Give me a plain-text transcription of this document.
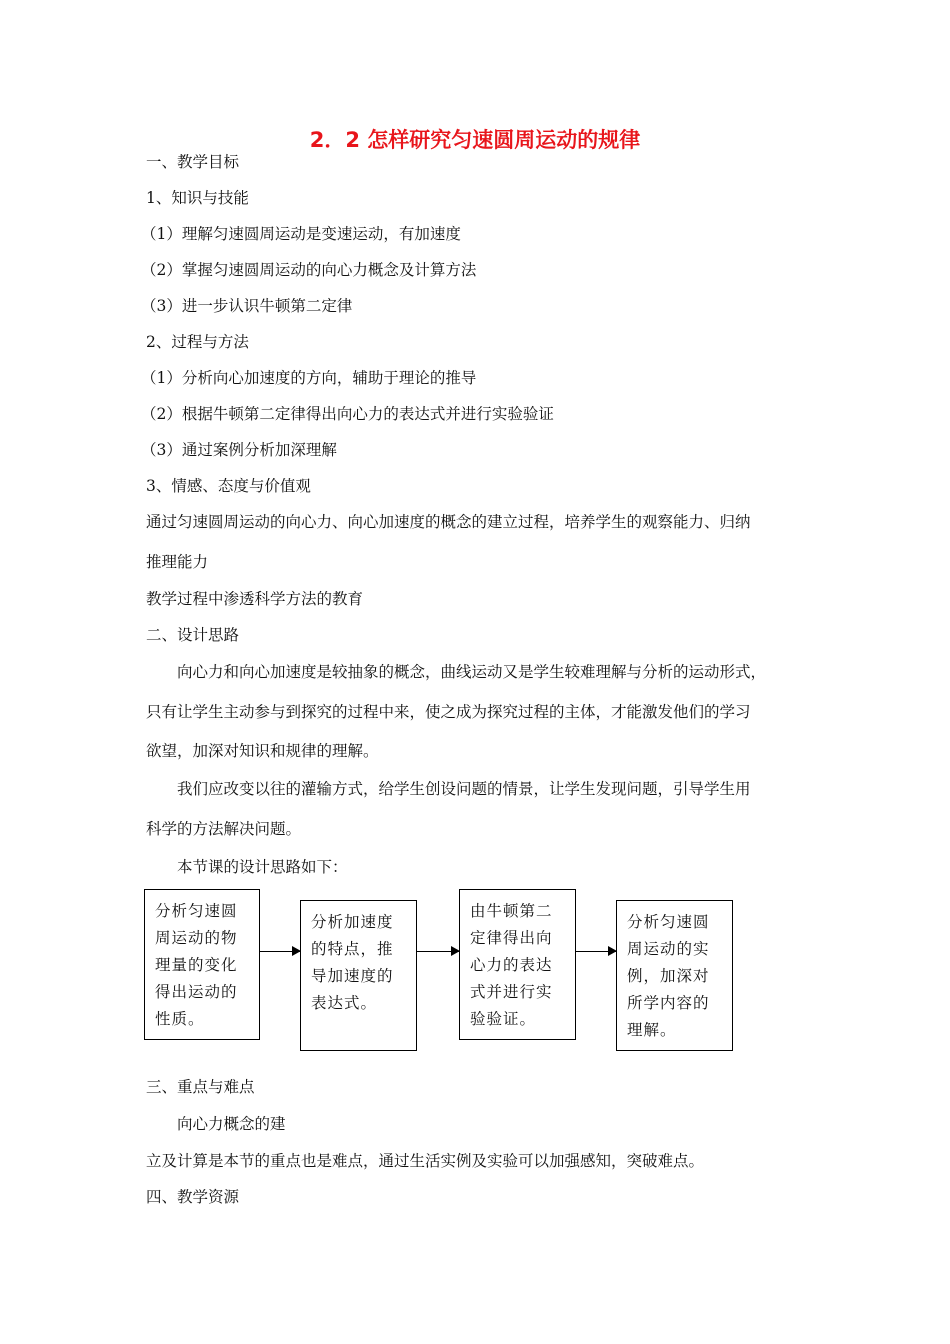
2．2 怎样研究匀速圆周运动的规律
一、教学目标
1、知识与技能
（1）理解匀速圆周运动是变速运动，有加速度
（2）掌握匀速圆周运动的向心力概念及计算方法
（3）进一步认识牛顿第二定律
2、过程与方法
（1）分析向心加速度的方向，辅助于理论的推导
（2）根据牛顿第二定律得出向心力的表达式并进行实验验证
（3）通过案例分析加深理解
3、情感、态度与价值观
通过匀速圆周运动的向心力、向心加速度的概念的建立过程，培养学生的观察能力、归纳
推理能力
教学过程中渗透科学方法的教育
二、设计思路
向心力和向心加速度是较抽象的概念，曲线运动又是学生较难理解与分析的运动形式，
只有让学生主动参与到探究的过程中来，使之成为探究过程的主体，才能激发他们的学习
欲望，加深对知识和规律的理解。
我们应改变以往的灌输方式，给学生创设问题的情景，让学生发现问题，引导学生用
科学的方法解决问题。
本节课的设计思路如下：
分析匀速圆
周运动的物
理量的变化
得出运动的
性质。
分析加速度
的特点，推
导加速度的
表达式。
由牛顿第二
定律得出向
心力的表达
式并进行实
验验证。
分析匀速圆
周运动的实
例，加深对
所学内容的
理解。
三、重点与难点
向心力概念的建
立及计算是本节的重点也是难点，通过生活实例及实验可以加强感知，突破难点。
四、教学资源
